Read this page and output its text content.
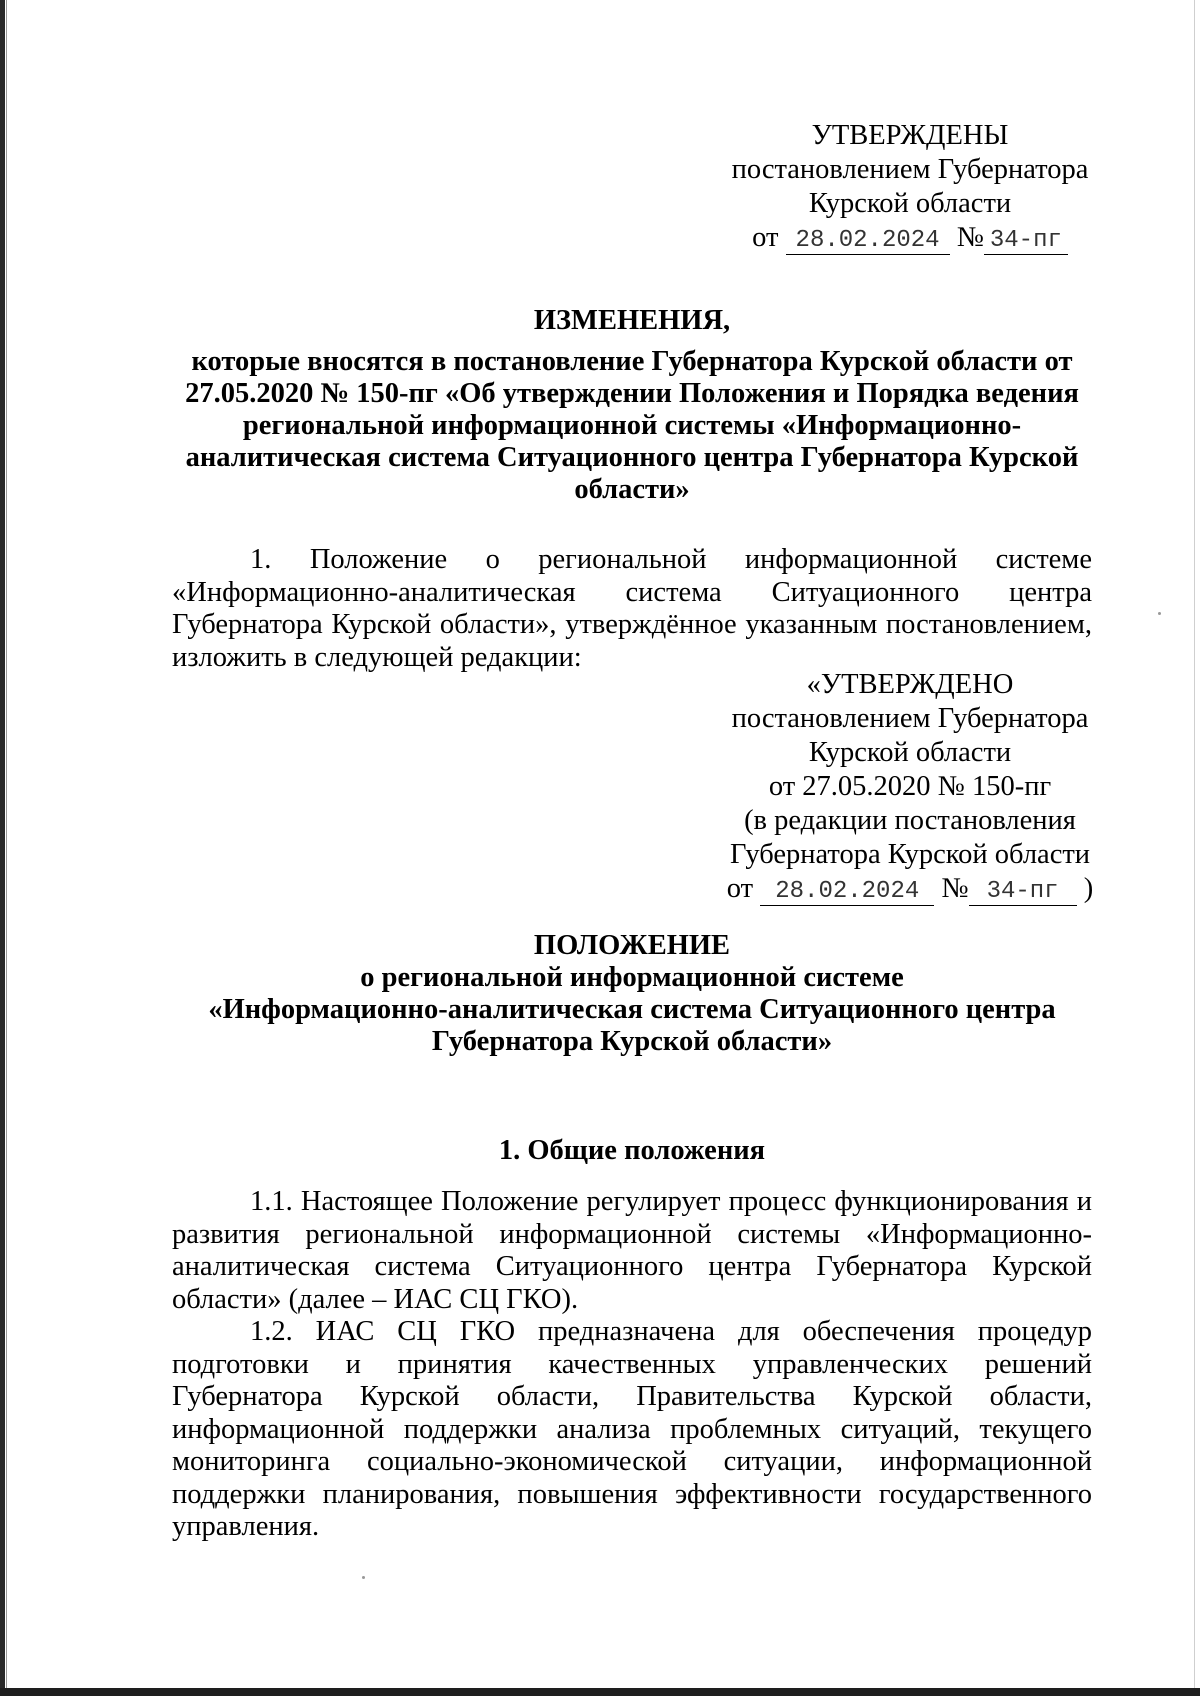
УТВЕРЖДЕНЫ
постановлением Губернатора
Курской области
от 28.02.2024 № 34-пг
ИЗМЕНЕНИЯ,
которые вносятся в постановление Губернатора Курской области от
27.05.2020 № 150-пг «Об утверждении Положения и Порядка ведения
региональной информационной системы «Информационно-
аналитическая система Ситуационного центра Губернатора Курской
области»
1. Положение о региональной информационной системе
«Информационно-аналитическая система Ситуационного центра
Губернатора Курской области», утверждённое указанным постановлением,
изложить в следующей редакции:
«УТВЕРЖДЕНО
постановлением Губернатора
Курской области
от 27.05.2020 № 150-пг
(в редакции постановления
Губернатора Курской области
от 28.02.2024 № 34-пг )
ПОЛОЖЕНИЕ
о региональной информационной системе
«Информационно-аналитическая система Ситуационного центра
Губернатора Курской области»
1. Общие положения
1.1. Настоящее Положение регулирует процесс функционирования и
развития региональной информационной системы «Информационно-
аналитическая система Ситуационного центра Губернатора Курской
области» (далее – ИАС СЦ ГКО).
1.2. ИАС СЦ ГКО предназначена для обеспечения процедур
подготовки и принятия качественных управленческих решений
Губернатора Курской области, Правительства Курской области,
информационной поддержки анализа проблемных ситуаций, текущего
мониторинга социально-экономической ситуации, информационной
поддержки планирования, повышения эффективности государственного
управления.
